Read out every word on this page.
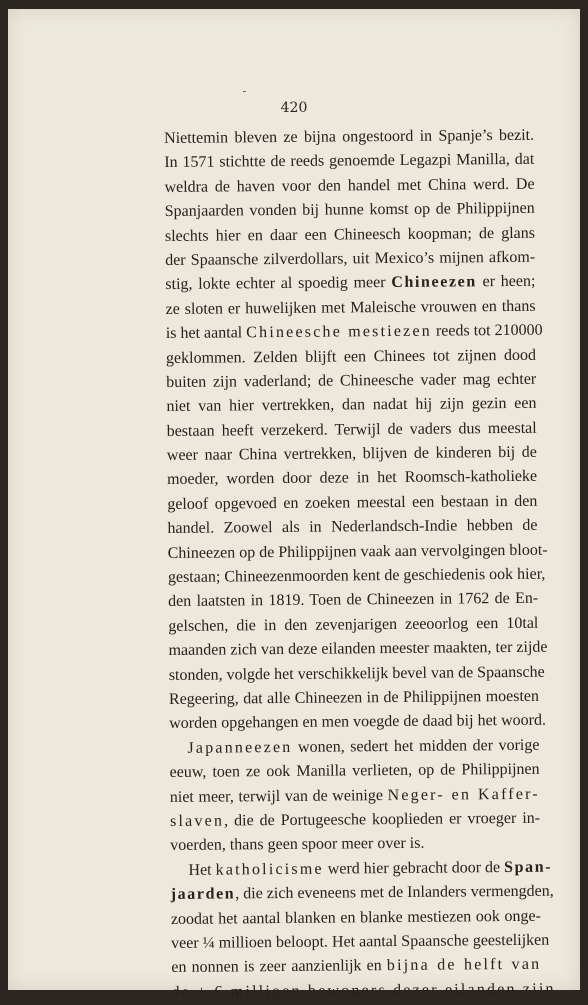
420
Niettemin bleven ze bijna ongestoord in Spanje’s bezit.
In 1571 stichtte de reeds genoemde Legazpi Manilla, dat
weldra de haven voor den handel met China werd. De
Spanjaarden vonden bij hunne komst op de Philippijnen
slechts hier en daar een Chineesch koopman; de glans
der Spaansche zilverdollars, uit Mexico’s mijnen afkom-
stig, lokte echter al spoedig meer Chineezen er heen;
ze sloten er huwelijken met Maleische vrouwen en thans
is het aantal Chineesche mestiezen reeds tot 210000
geklommen. Zelden blijft een Chinees tot zijnen dood
buiten zijn vaderland; de Chineesche vader mag echter
niet van hier vertrekken, dan nadat hij zijn gezin een
bestaan heeft verzekerd. Terwijl de vaders dus meestal
weer naar China vertrekken, blijven de kinderen bij de
moeder, worden door deze in het Roomsch-katholieke
geloof opgevoed en zoeken meestal een bestaan in den
handel. Zoowel als in Nederlandsch-Indie hebben de
Chineezen op de Philippijnen vaak aan vervolgingen bloot-
gestaan; Chineezenmoorden kent de geschiedenis ook hier,
den laatsten in 1819. Toen de Chineezen in 1762 de En-
gelschen, die in den zevenjarigen zeeoorlog een 10tal
maanden zich van deze eilanden meester maakten, ter zijde
stonden, volgde het verschikkelijk bevel van de Spaansche
Regeering, dat alle Chineezen in de Philippijnen moesten
worden opgehangen en men voegde de daad bij het woord.
Japanneezen wonen, sedert het midden der vorige
eeuw, toen ze ook Manilla verlieten, op de Philippijnen
niet meer, terwijl van de weinige Neger- en Kaffer-
slaven, die de Portugeesche kooplieden er vroeger in-
voerden, thans geen spoor meer over is.
Het katholicisme werd hier gebracht door de Span-
jaarden, die zich eveneens met de Inlanders vermengden,
zoodat het aantal blanken en blanke mestiezen ook onge-
veer ¼ millioen beloopt. Het aantal Spaansche geestelijken
en nonnen is zeer aanzienlijk en bijna de helft van
de ± 6 millioen bewoners dezer eilanden zijn
